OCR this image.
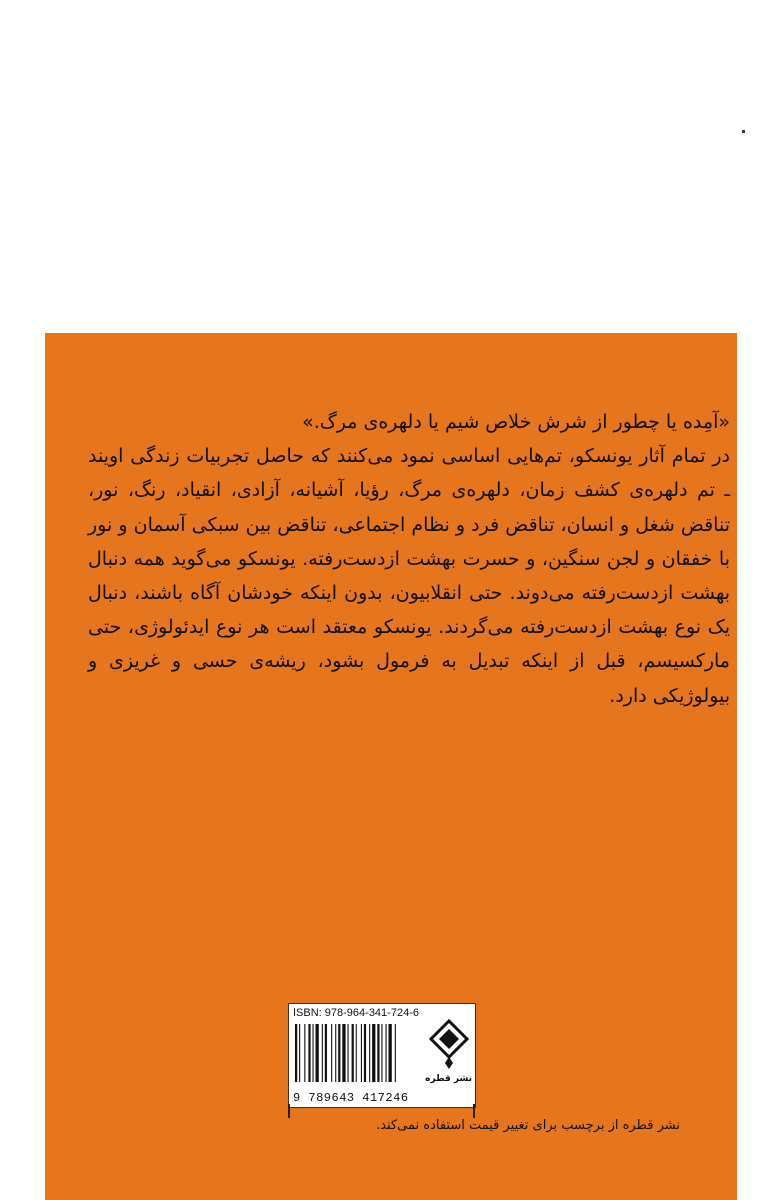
«آمِده یا چطور از شرش خلاص شیم یا دلهره‌ی مرگ.»

در تمام آثار یونسکو، تم‌هایی اساسی نمود می‌کنند که حاصل تجربیات زندگی اویند ـ تم دلهره‌ی کشف زمان، دلهره‌ی مرگ، رؤیا، آشیانه، آزادی، انقیاد، رنگ، نور، تناقض شغل و انسان، تناقض فرد و نظام اجتماعی، تناقض بین سبکی آسمان و نور با خفقان و لجن سنگین، و حسرت بهشت ازدست‌رفته. یونسکو می‌گوید همه دنبال بهشت ازدست‌رفته می‌دوند. حتی انقلابیون، بدون اینکه خودشان آگاه باشند، دنبال یک نوع بهشت ازدست‌رفته می‌گردند. یونسکو معتقد است هر نوع ایدئولوژی، حتی مارکسیسم، قبل از اینکه تبدیل به فرمول بشود، ریشه‌ی حسی و غریزی و بیولوژیکی دارد.

ISBN: 978-964-341-724-6
9 789643 417246
نشر قطره
نشر قطره از برچسب برای تغییر قیمت استفاده نمی‌کند.
